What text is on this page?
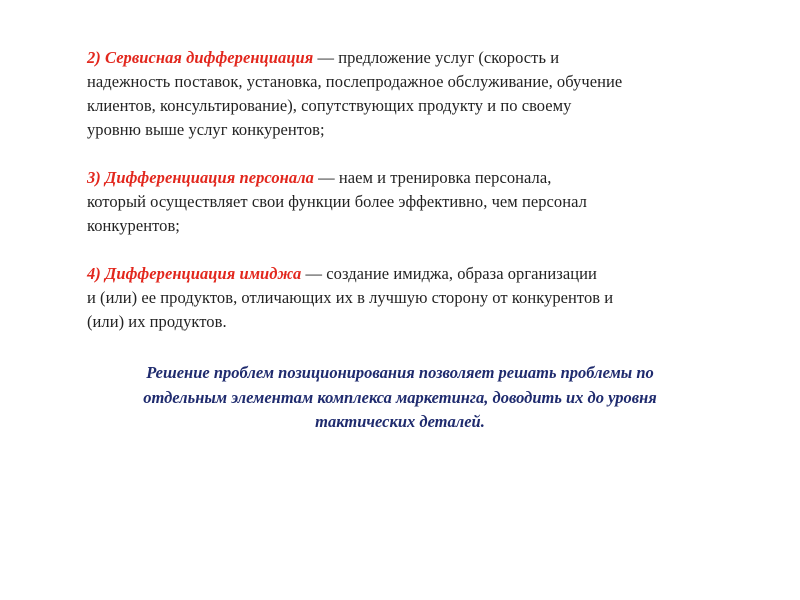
2) Сервисная дифференциация — предложение услуг (скорость и
надежность поставок, установка, послепродажное обслуживание, обучение
клиентов, консультирование), сопутствующих продукту и по своему
уровню выше услуг конкурентов;
3) Дифференциация персонала — наем и тренировка персонала,
который осуществляет свои функции более эффективно, чем персонал
конкурентов;
4) Дифференциация имиджа — создание имиджа, образа организации
и (или) ее продуктов, отличающих их в лучшую сторону от конкурентов и
(или) их продуктов.
Решение проблем позиционирования позволяет решать проблемы по
отдельным элементам комплекса маркетинга, доводить их до уровня
тактических деталей.
